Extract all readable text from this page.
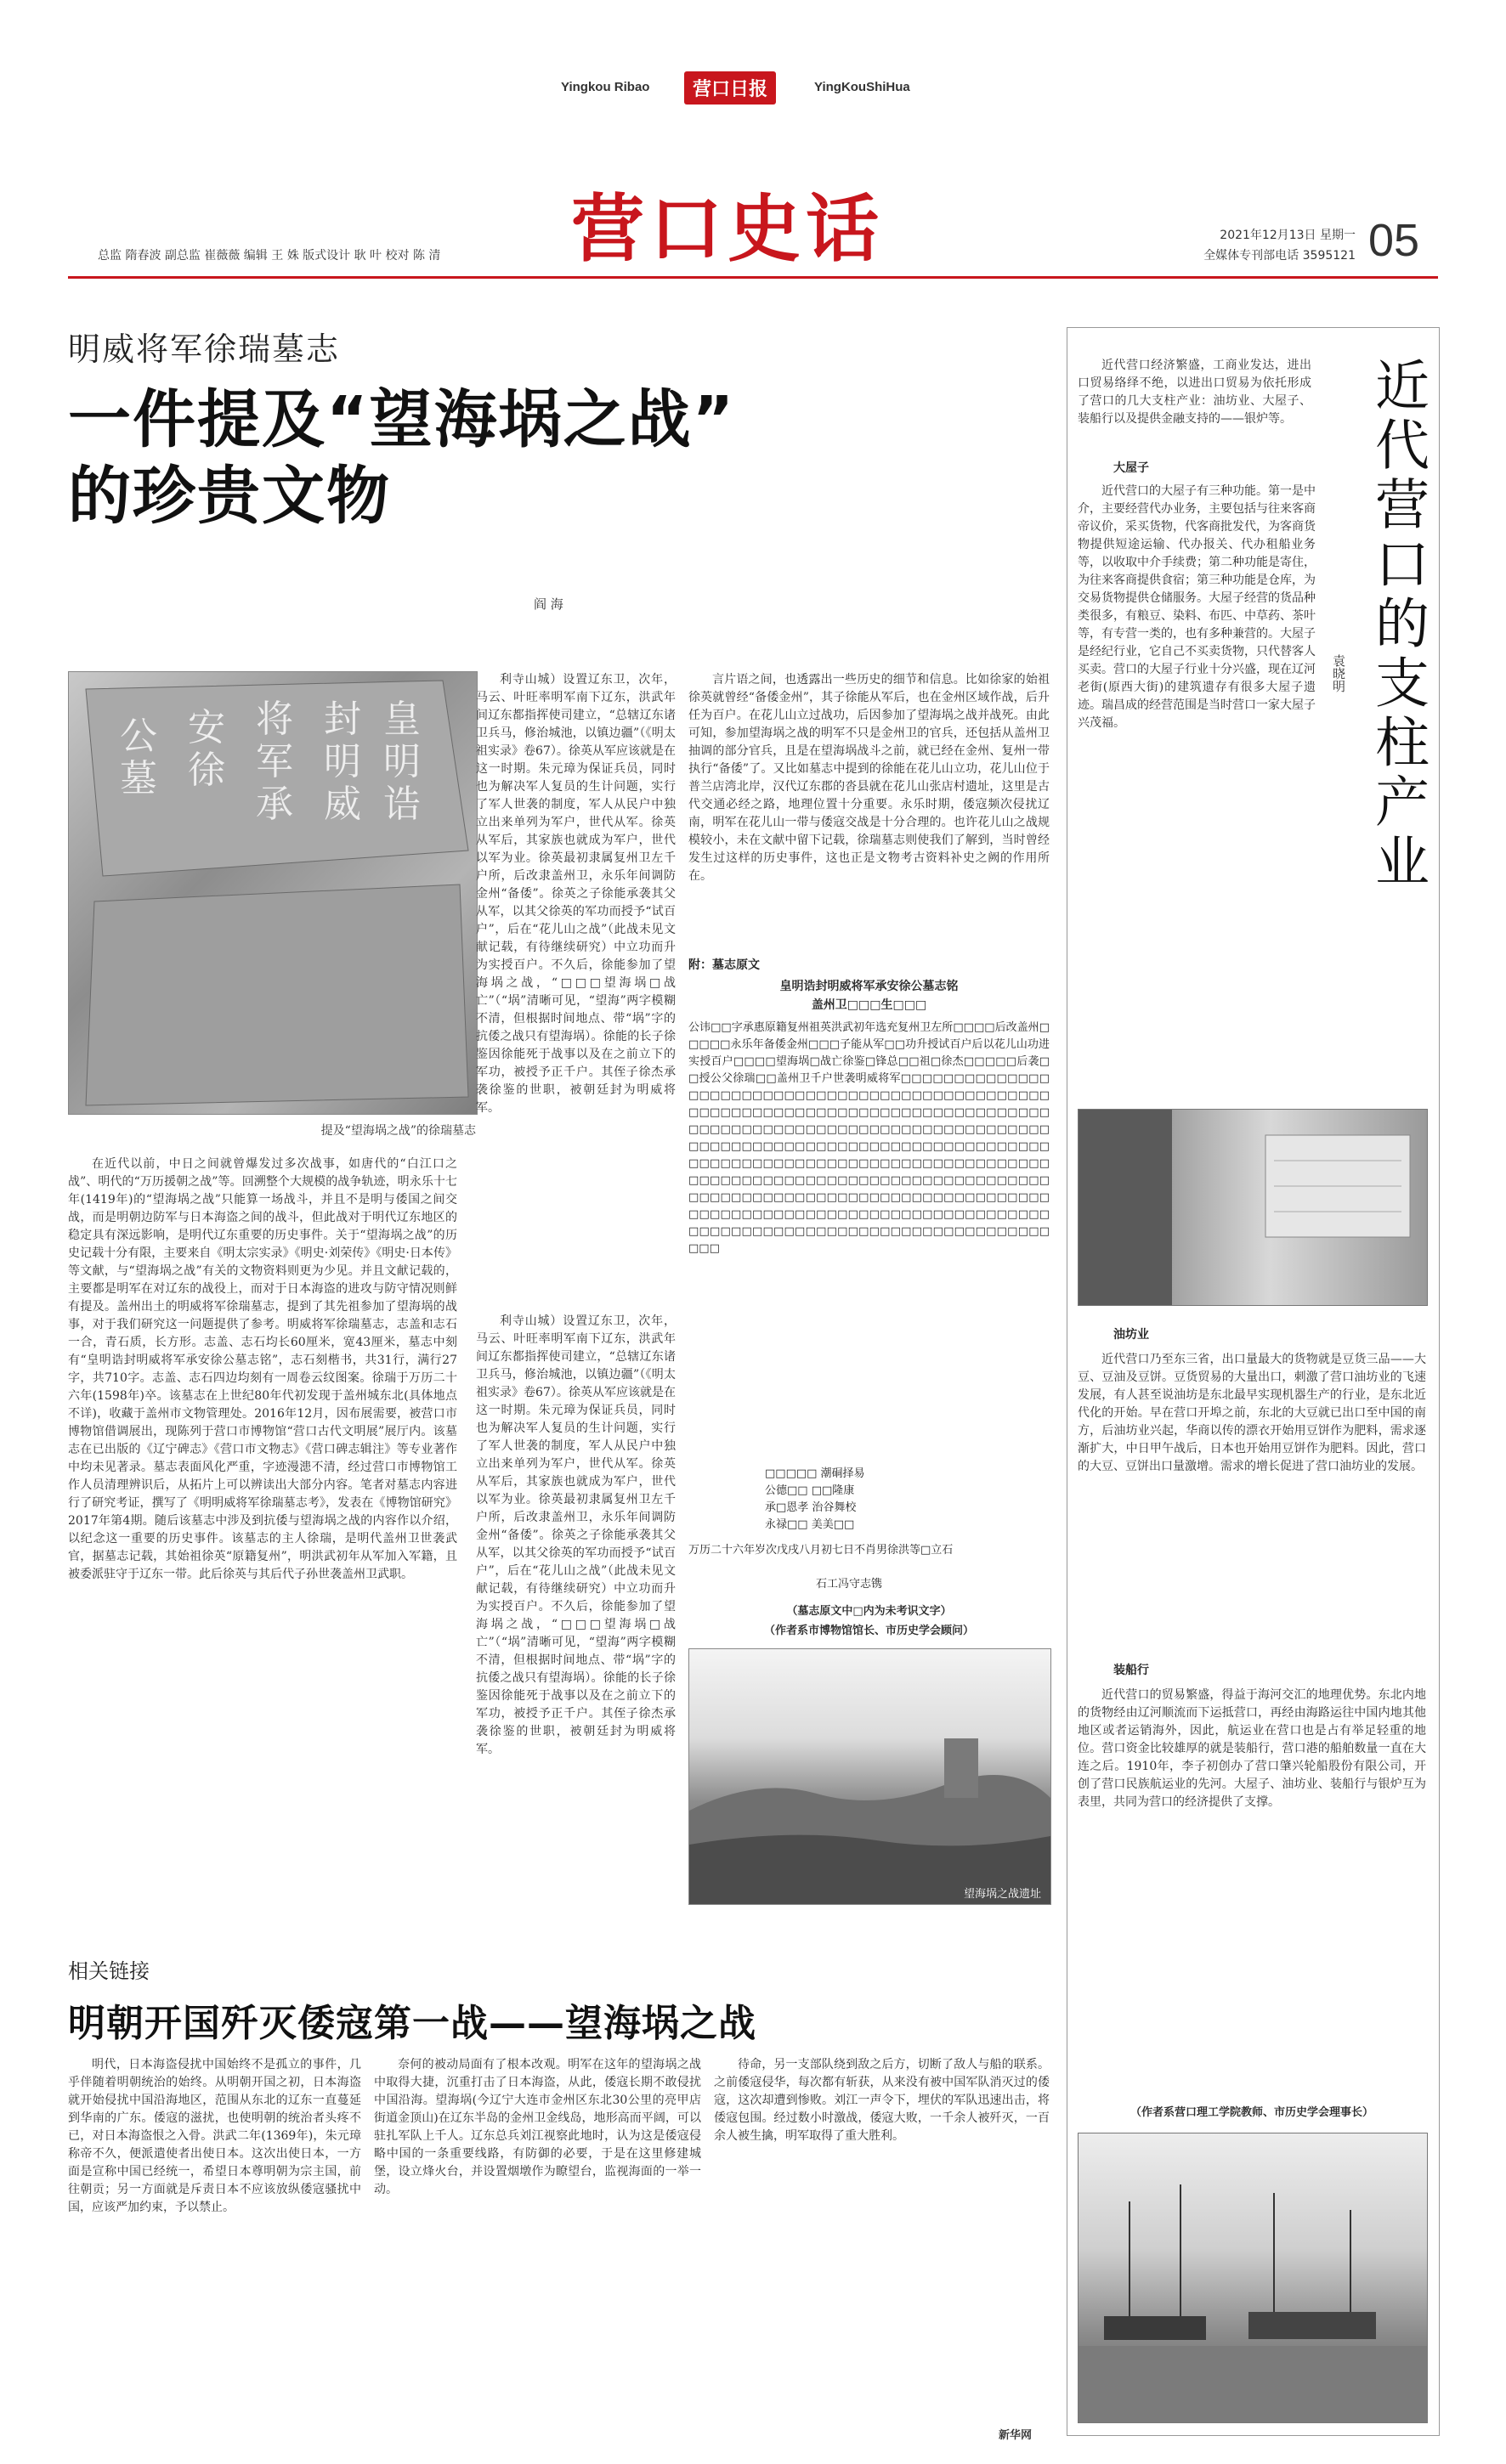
Yingkou Ribao	营口日报	YingKouShiHua
营口史话
总监 隋春波 副总监 崔薇薇 编辑 王 姝 版式设计 耿 叶 校对 陈 清
2021年12月13日 星期一
全媒体专刊部电话 3595121 05
明威将军徐瑞墓志
一件提及“望海埚之战”
的珍贵文物
阎 海
皇
明
诰
封
明
威
将
军
承
安
徐
公
墓
提及“望海埚之战”的徐瑞墓志

在近代以前，中日之间就曾爆发过多次战事，如唐代的“白江口之战”、明代的“万历援朝之战”等。回溯整个大规模的战争轨迹，明永乐十七年(1419年)的“望海埚之战”只能算一场战斗，并且不是明与倭国之间交战，而是明朝边防军与日本海盗之间的战斗，但此战对于明代辽东地区的稳定具有深远影响，是明代辽东重要的历史事件。关于“望海埚之战”的历史记载十分有限，主要来自《明太宗实录》《明史·刘荣传》《明史·日本传》等文献，与“望海埚之战”有关的文物资料则更为少见。并且文献记载的，主要都是明军在对辽东的战役上，而对于日本海盗的进攻与防守情况则鲜有提及。盖州出土的明威将军徐瑞墓志，提到了其先祖参加了望海埚的战事，对于我们研究这一问题提供了参考。明威将军徐瑞墓志，志盖和志石一合，青石质，长方形。志盖、志石均长60厘米，宽43厘米，墓志中刻有“皇明诰封明威将军承安徐公墓志铭”，志石刻楷书，共31行，满行27字，共710字。志盖、志石四边均刻有一周卷云纹图案。徐瑞于万历二十六年(1598年)卒。该墓志在上世纪80年代初发现于盖州城东北(具体地点不详)，收藏于盖州市文物管理处。2016年12月，因布展需要，被营口市博物馆借调展出，现陈列于营口市博物馆“营口古代文明展”展厅内。该墓志在已出版的《辽宁碑志》《营口市文物志》《营口碑志辑注》等专业著作中均未见著录。墓志表面风化严重，字迹漫漶不清，经过营口市博物馆工作人员清理辨识后，从拓片上可以辨读出大部分内容。笔者对墓志内容进行了研究考证，撰写了《明明威将军徐瑞墓志考》，发表在《博物馆研究》2017年第4期。随后该墓志中涉及到抗倭与望海埚之战的内容作以介绍，以纪念这一重要的历史事件。该墓志的主人徐瑞，是明代盖州卫世袭武官，据墓志记载，其始祖徐英“原籍复州”，明洪武初年从军加入军籍，且被委派驻守于辽东一带。此后徐英与其后代子孙世袭盖州卫武职。

利寺山城）设置辽东卫，次年，马云、叶旺率明军南下辽东，洪武年间辽东都指挥使司建立，“总辖辽东诸卫兵马，修治城池，以镇边疆”（《明太祖实录》卷67）。徐英从军应该就是在这一时期。朱元璋为保证兵员，同时也为解决军人复员的生计问题，实行了军人世袭的制度，军人从民户中独立出来单列为军户，世代从军。徐英从军后，其家族也就成为军户，世代以军为业。徐英最初隶属复州卫左千户所，后改隶盖州卫，永乐年间调防金州“备倭”。徐英之子徐能承袭其父从军，以其父徐英的军功而授予“试百户”，后在“花儿山之战”（此战未见文献记载，有待继续研究）中立功而升为实授百户。不久后，徐能参加了望海埚之战，“□□□望海埚□战亡”（“埚”清晰可见，“望海”两字模糊不清，但根据时间地点、带“埚”字的抗倭之战只有望海埚）。徐能的长子徐鉴因徐能死于战事以及在之前立下的军功，被授予正千户。其侄子徐杰承袭徐鉴的世职，被朝廷封为明威将军。

言片语之间，也透露出一些历史的细节和信息。比如徐家的始祖徐英就曾经“备倭金州”，其子徐能从军后，也在金州区域作战，后升任为百户。在花儿山立过战功，后因参加了望海埚之战并战死。由此可知，参加望海埚之战的明军不只是金州卫的官兵，还包括从盖州卫抽调的部分官兵，且是在望海埚战斗之前，就已经在金州、复州一带执行“备倭”了。又比如墓志中提到的徐能在花儿山立功，花儿山位于普兰店湾北岸，汉代辽东郡的沓县就在花儿山张店村遗址，这里是古代交通必经之路，地理位置十分重要。永乐时期，倭寇频次侵扰辽南，明军在花儿山一带与倭寇交战是十分合理的。也许花儿山之战规模较小，未在文献中留下记载，徐瑞墓志则使我们了解到，当时曾经发生过这样的历史事件，这也正是文物考古资料补史之阙的作用所在。

附：墓志原文
皇明诰封明威将军承安徐公墓志铭
盖州卫□□□生□□□
公讳□□字承惠原籍复州祖英洪武初年选充复州卫左所□□□□后改盖州□□□□□永乐年备倭金州□□□子能从军□□功升授试百户后以花儿山功进实授百户□□□□望海埚□战亡徐鉴□锋总□□祖□徐杰□□□□□后袭□□授公父徐瑞□□盖州卫千户世袭明威将军□□□□□□□□□□□□□□□□□□□□□□□□□□□□□□□□□□□□□□□□□□□□□□□□□□□□□□□□□□□□□□□□□□□□□□□□□□□□□□□□□□□□□□□□□□□□□□□□□□□□□□□□□□□□□□□□□□□□□□□□□□□□□□□□□□□□□□□□□□□□□□□□□□□□□□□□□□□□□□□□□□□□□□□□□□□□□□□□□□□□□□□□□□□□□□□□□□□□□□□□□□□□□□□□□□□□□□□□□□□□□□□□□□□□□□□□□□□□□□□□□□□□□□□□□□□□□□□□□□□□□□□□□□□□□□□□□□□□□□□□□□□□□□□□□□□□□□□□□□□□□□□□□□□□□□□□□□□□□□□□□□□
□□□□□ 潮硐择易
公德□□ □□隆康
承□恩孝 治谷舞校
永禄□□ 美美□□
万历二十六年岁次戊戌八月初七日不肖男徐洪等□立石
石工冯守志镌
（墓志原文中□内为未考识文字）
（作者系市博物馆馆长、市历史学会顾问）

利寺山城）设置辽东卫，次年，马云、叶旺率明军南下辽东，洪武年间辽东都指挥使司建立，“总辖辽东诸卫兵马，修治城池，以镇边疆”（《明太祖实录》卷67）。徐英从军应该就是在这一时期。朱元璋为保证兵员，同时也为解决军人复员的生计问题，实行了军人世袭的制度，军人从民户中独立出来单列为军户，世代从军。徐英从军后，其家族也就成为军户，世代以军为业。徐英最初隶属复州卫左千户所，后改隶盖州卫，永乐年间调防金州“备倭”。徐英之子徐能承袭其父从军，以其父徐英的军功而授予“试百户”，后在“花儿山之战”（此战未见文献记载，有待继续研究）中立功而升为实授百户。不久后，徐能参加了望海埚之战，“□□□望海埚□战亡”（“埚”清晰可见，“望海”两字模糊不清，但根据时间地点、带“埚”字的抗倭之战只有望海埚）。徐能的长子徐鉴因徐能死于战事以及在之前立下的军功，被授予正千户。其侄子徐杰承袭徐鉴的世职，被朝廷封为明威将军。

望海埚之战遗址
相关链接
明朝开国歼灭倭寇第一战——望海埚之战

明代，日本海盗侵扰中国始终不是孤立的事件，几乎伴随着明朝统治的始终。从明朝开国之初，日本海盗就开始侵扰中国沿海地区，范围从东北的辽东一直蔓延到华南的广东。倭寇的滋扰，也使明朝的统治者头疼不已，对日本海盗恨之入骨。洪武二年(1369年)，朱元璋称帝不久，便派遣使者出使日本。这次出使日本，一方面是宣称中国已经统一，希望日本尊明朝为宗主国，前往朝贡；另一方面就是斥责日本不应该放纵倭寇骚扰中国，应该严加约束，予以禁止。

奈何的被动局面有了根本改观。明军在这年的望海埚之战中取得大捷，沉重打击了日本海盗，从此，倭寇长期不敢侵扰中国沿海。望海埚(今辽宁大连市金州区东北30公里的亮甲店街道金顶山)在辽东半岛的金州卫金线岛，地形高而平阔，可以驻扎军队上千人。辽东总兵刘江视察此地时，认为这是倭寇侵略中国的一条重要线路，有防御的必要，于是在这里修建城堡，设立烽火台，并设置烟墩作为瞭望台，监视海面的一举一动。

待命，另一支部队绕到敌之后方，切断了敌人与船的联系。之前倭寇侵华，每次都有斩获，从来没有被中国军队消灭过的倭寇，这次却遭到惨败。刘江一声令下，埋伏的军队迅速出击，将倭寇包围。经过数小时激战，倭寇大败，一千余人被歼灭，一百余人被生擒，明军取得了重大胜利。

新华网
近代营口的支柱产业
袁晓明

近代营口经济繁盛，工商业发达，进出口贸易络绎不绝，以进出口贸易为依托形成了营口的几大支柱产业：油坊业、大屋子、装船行以及提供金融支持的——银炉等。

大屋子

近代营口的大屋子有三种功能。第一是中介，主要经营代办业务，主要包括与往来客商帝议价，采买货物，代客商批发代，为客商货物提供短途运输、代办报关、代办租船业务等，以收取中介手续费；第二种功能是寄住，为往来客商提供食宿；第三种功能是仓库，为交易货物提供仓储服务。大屋子经营的货品种类很多，有粮豆、染料、布匹、中草药、茶叶等，有专营一类的，也有多种兼营的。大屋子是经纪行业，它自己不买卖货物，只代替客人买卖。营口的大屋子行业十分兴盛，现在辽河老街(原西大街)的建筑遗存有很多大屋子遗迹。瑞昌成的经营范围是当时营口一家大屋子兴茂福。

油坊业

近代营口乃至东三省，出口量最大的货物就是豆货三品——大豆、豆油及豆饼。豆货贸易的大量出口，刺激了营口油坊业的飞速发展，有人甚至说油坊是东北最早实现机器生产的行业，是东北近代化的开始。早在营口开埠之前，东北的大豆就已出口至中国的南方，后油坊业兴起，华商以传的漂衣开始用豆饼作为肥料，需求逐渐扩大，中日甲午战后，日本也开始用豆饼作为肥料。因此，营口的大豆、豆饼出口量激增。需求的增长促进了营口油坊业的发展。

装船行

近代营口的贸易繁盛，得益于海河交汇的地理优势。东北内地的货物经由辽河顺流而下运抵营口，再经由海路运往中国内地其他地区或者运销海外，因此，航运业在营口也是占有举足轻重的地位。营口资金比较雄厚的就是装船行，营口港的船舶数量一直在大连之后。1910年，李子初创办了营口肇兴轮船股份有限公司，开创了营口民族航运业的先河。大屋子、油坊业、装船行与银炉互为表里，共同为营口的经济提供了支撑。

（作者系营口理工学院教师、市历史学会理事长）
